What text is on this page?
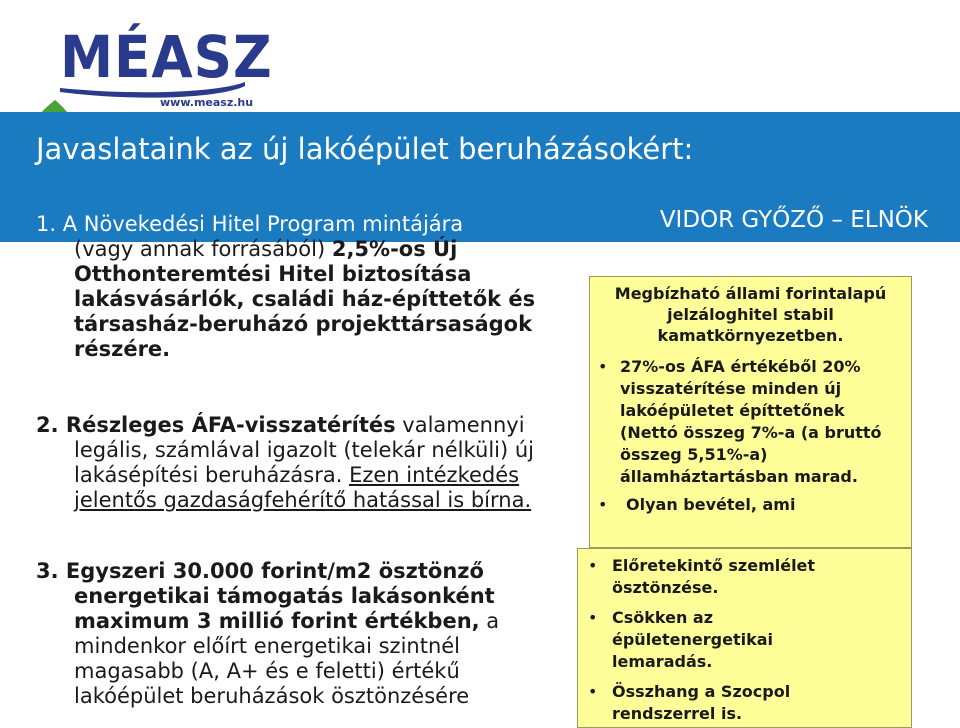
MÉASZ
www.measz.hu
Javaslataink az új lakóépület beruházásokért:
VIDOR GYŐZŐ – ELNÖK
1. A Növekedési Hitel Program mintájára
(vagy annak forrásából) 2,5%-os Új
Otthonteremtési Hitel biztosítása
lakásvásárlók, családi ház-építtetők és
társasház-beruházó projekttársaságok
részére.
2. Részleges ÁFA-visszatérítés valamennyi
legális, számlával igazolt (telekár nélküli) új
lakásépítési beruházásra. Ezen intézkedés
jelentős gazdaságfehérítő hatással is bírna.
3. Egyszeri 30.000 forint/m2 ösztönző
energetikai támogatás lakásonként
maximum 3 millió forint értékben, a
mindenkor előírt energetikai szintnél
magasabb (A, A+ és e feletti) értékű
lakóépület beruházások ösztönzésére
Megbízható állami forintalapú jelzáloghitel stabil kamatkörnyezetben.
• 27%-os ÁFA értékéből 20% visszatérítése minden új lakóépületet építtetőnek (Nettó összeg 7%-a (a bruttó összeg 5,51%-a) államháztartásban marad.
• Olyan bevétel, ami
• Előretekintő szemlélet ösztönzése.
• Csökken az épületenergetikai lemaradás.
• Összhang a Szocpol rendszerrel is.
